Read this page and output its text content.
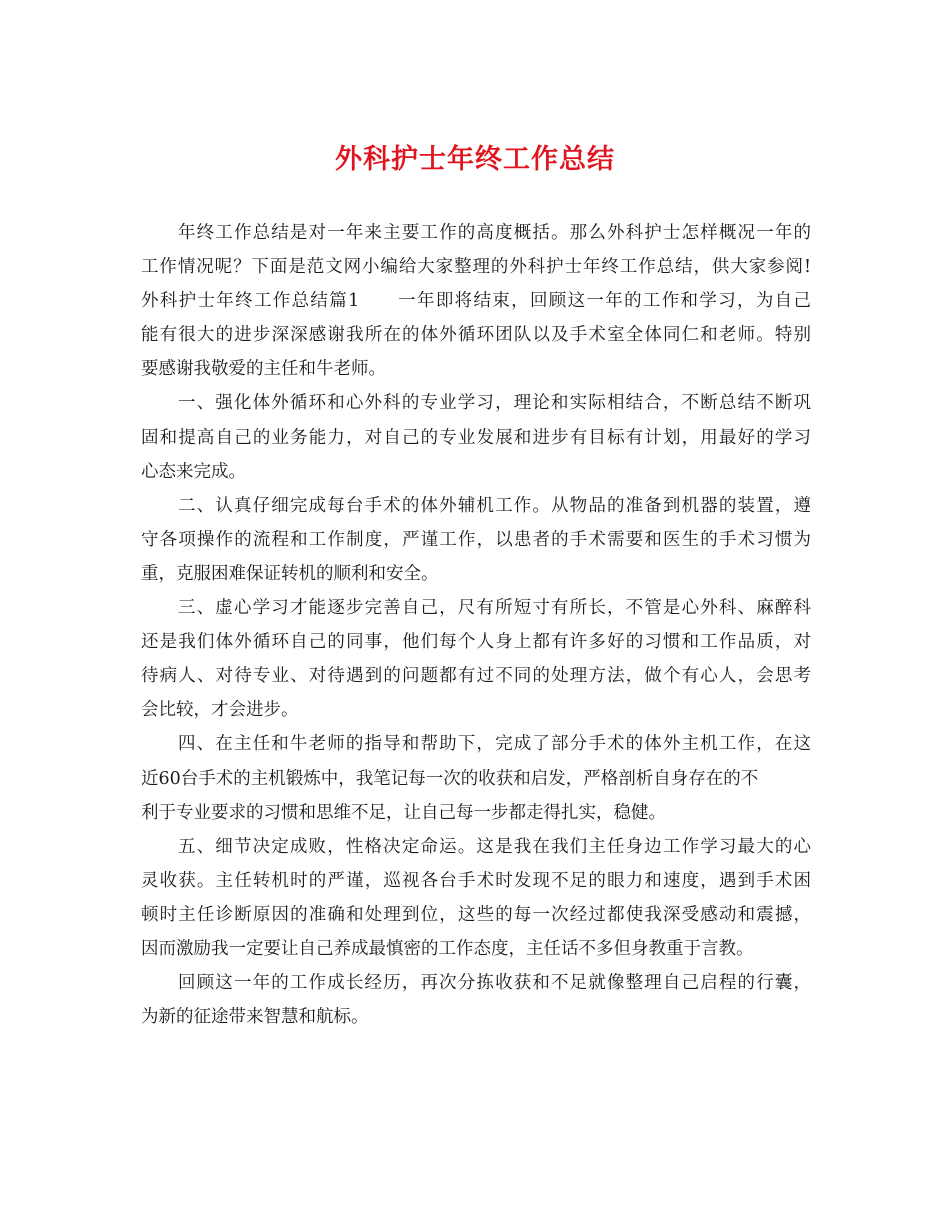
外科护士年终工作总结
年终工作总结是对一年来主要工作的高度概括。那么外科护士怎样概况一年的
工作情况呢？下面是范文网小编给大家整理的外科护士年终工作总结，供大家参阅!
外科护士年终工作总结篇1　　一年即将结束，回顾这一年的工作和学习，为自己
能有很大的进步深深感谢我所在的体外循环团队以及手术室全体同仁和老师。特别
要感谢我敬爱的主任和牛老师。
一、强化体外循环和心外科的专业学习，理论和实际相结合，不断总结不断巩
固和提高自己的业务能力，对自己的专业发展和进步有目标有计划，用最好的学习
心态来完成。
二、认真仔细完成每台手术的体外辅机工作。从物品的准备到机器的装置，遵
守各项操作的流程和工作制度，严谨工作，以患者的手术需要和医生的手术习惯为
重，克服困难保证转机的顺利和安全。
三、虚心学习才能逐步完善自己，尺有所短寸有所长，不管是心外科、麻醉科
还是我们体外循环自己的同事，他们每个人身上都有许多好的习惯和工作品质，对
待病人、对待专业、对待遇到的问题都有过不同的处理方法，做个有心人，会思考
会比较，才会进步。
四、在主任和牛老师的指导和帮助下，完成了部分手术的体外主机工作，在这
近60台手术的主机锻炼中，我笔记每一次的收获和启发，严格剖析自身存在的不
利于专业要求的习惯和思维不足，让自己每一步都走得扎实，稳健。
五、细节决定成败，性格决定命运。这是我在我们主任身边工作学习最大的心
灵收获。主任转机时的严谨，巡视各台手术时发现不足的眼力和速度，遇到手术困
顿时主任诊断原因的准确和处理到位，这些的每一次经过都使我深受感动和震撼，
因而激励我一定要让自己养成最慎密的工作态度，主任话不多但身教重于言教。
回顾这一年的工作成长经历，再次分拣收获和不足就像整理自己启程的行囊，
为新的征途带来智慧和航标。
